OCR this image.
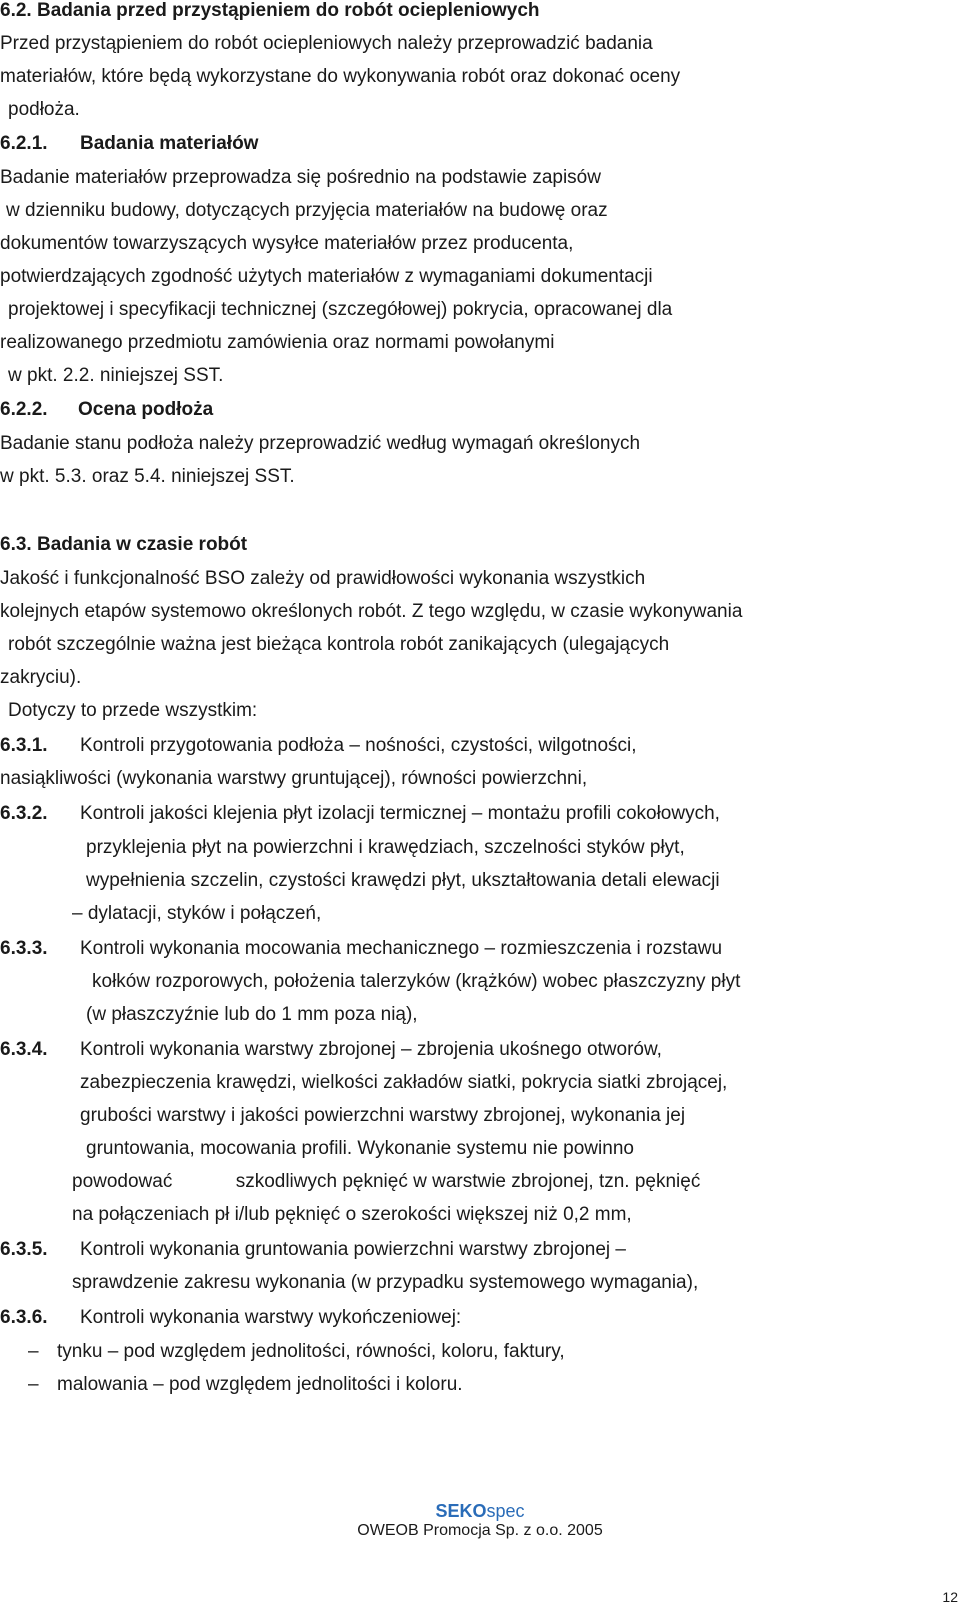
6.2. Badania przed przystąpieniem do robót ociepleniowych
Przed przystąpieniem do robót ociepleniowych należy przeprowadzić badania
materiałów, które będą wykorzystane do wykonywania robót oraz dokonać oceny
podłoża.
6.2.1. Badania materiałów
Badanie materiałów przeprowadza się pośrednio na podstawie zapisów
w dzienniku budowy, dotyczących przyjęcia materiałów na budowę oraz
dokumentów towarzyszących wysyłce materiałów przez producenta,
potwierdzających zgodność użytych materiałów z wymaganiami dokumentacji
projektowej i specyfikacji technicznej (szczegółowej) pokrycia, opracowanej dla
realizowanego przedmiotu zamówienia oraz normami powołanymi
w pkt. 2.2. niniejszej SST.
6.2.2. Ocena podłoża
Badanie stanu podłoża należy przeprowadzić według wymagań określonych
w pkt. 5.3. oraz 5.4. niniejszej SST.
6.3. Badania w czasie robót
Jakość i funkcjonalność BSO zależy od prawidłowości wykonania wszystkich
kolejnych etapów systemowo określonych robót. Z tego względu, w czasie wykonywania
robót szczególnie ważna jest bieżąca kontrola robót zanikających (ulegających
zakryciu).
Dotyczy to przede wszystkim:
6.3.1. Kontroli przygotowania podłoża – nośności, czystości, wilgotności,
nasiąkliwości (wykonania warstwy gruntującej), równości powierzchni,
6.3.2. Kontroli jakości klejenia płyt izolacji termicznej – montażu profili cokołowych,
przyklejenia płyt na powierzchni i krawędziach, szczelności styków płyt,
wypełnienia szczelin, czystości krawędzi płyt, ukształtowania detali elewacji
– dylatacji, styków i połączeń,
6.3.3. Kontroli wykonania mocowania mechanicznego – rozmieszczenia i rozstawu
kołków rozporowych, położenia talerzyków (krążków) wobec płaszczyzny płyt
(w płaszczyźnie lub do 1 mm poza nią),
6.3.4. Kontroli wykonania warstwy zbrojonej – zbrojenia ukośnego otworów,
zabezpieczenia krawędzi, wielkości zakładów siatki, pokrycia siatki zbrojącej,
grubości warstwy i jakości powierzchni warstwy zbrojonej, wykonania jej
gruntowania, mocowania profili. Wykonanie systemu nie powinno
powodować            szkodliwych pęknięć w warstwie zbrojonej, tzn. pęknięć
na połączeniach pł i/lub pęknięć o szerokości większej niż 0,2 mm,
6.3.5. Kontroli wykonania gruntowania powierzchni warstwy zbrojonej –
sprawdzenie zakresu wykonania (w przypadku systemowego wymagania),
6.3.6. Kontroli wykonania warstwy wykończeniowej:
– tynku – pod względem jednolitości, równości, koloru, faktury,
– malowania – pod względem jednolitości i koloru.
SEKOspec
OWEOB Promocja Sp. z o.o. 2005
12
